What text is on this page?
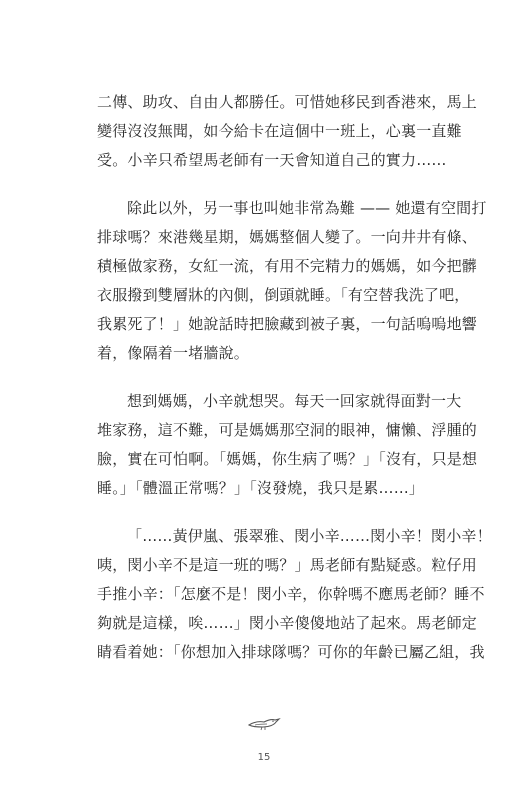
二傳、助攻、自由人都勝任。可惜她移民到香港來，馬上
變得沒沒無聞，如今給卡在這個中一班上，心裏一直難
受。小辛只希望馬老師有一天會知道自己的實力……

除此以外，另一事也叫她非常為難 —— 她還有空間打
排球嗎？來港幾星期，媽媽整個人變了。一向井井有條、
積極做家務，女紅一流，有用不完精力的媽媽，如今把髒
衣服撥到雙層牀的內側，倒頭就睡。「有空替我洗了吧，
我累死了！」她說話時把臉藏到被子裏，一句話嗚嗚地響
着，像隔着一堵牆說。

想到媽媽，小辛就想哭。每天一回家就得面對一大
堆家務，這不難，可是媽媽那空洞的眼神，慵懶、浮腫的
臉，實在可怕啊。「媽媽，你生病了嗎？」「沒有，只是想
睡。」「體溫正常嗎？」「沒發燒，我只是累……」

「……黃伊嵐、張翠雅、閔小辛……閔小辛！閔小辛！
咦，閔小辛不是這一班的嗎？」馬老師有點疑惑。粒仔用
手推小辛：「怎麼不是！閔小辛，你幹嗎不應馬老師？睡不
夠就是這樣，唉……」閔小辛傻傻地站了起來。馬老師定
睛看着她：「你想加入排球隊嗎？可你的年齡已屬乙組，我

15
